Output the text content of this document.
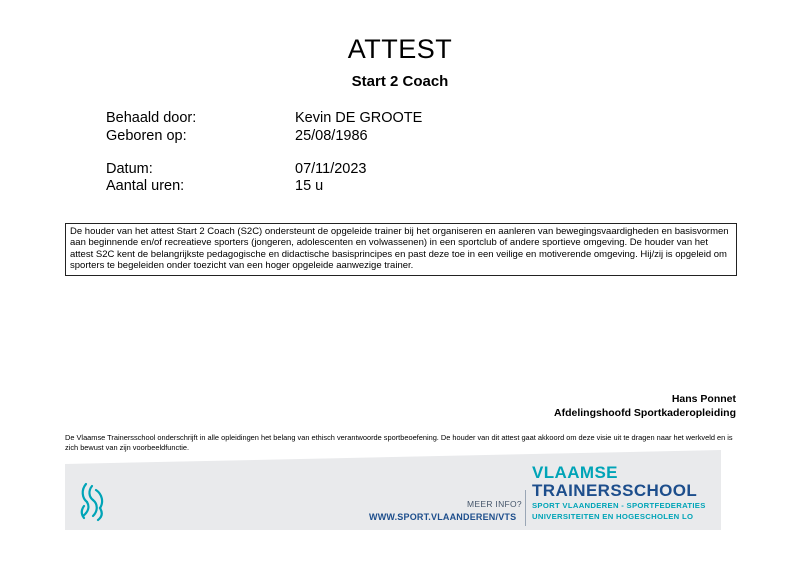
ATTEST
Start 2 Coach
Behaald door:	Kevin DE GROOTE
Geboren op:	25/08/1986
Datum:	07/11/2023
Aantal uren:	15 u
De houder van het attest Start 2 Coach (S2C) ondersteunt de opgeleide trainer bij het organiseren en aanleren van bewegingsvaardigheden en basisvormen aan beginnende en/of recreatieve sporters (jongeren, adolescenten en volwassenen) in een sportclub of andere sportieve omgeving. De houder van het attest S2C kent de belangrijkste pedagogische en didactische basisprincipes en past deze toe in een veilige en motiverende omgeving. Hij/zij is opgeleid om sporters te begeleiden onder toezicht van een hoger opgeleide aanwezige trainer.
Hans Ponnet
Afdelingshoofd Sportkaderopleiding
De Vlaamse Trainersschool onderschrijft in alle opleidingen het belang van ethisch verantwoorde sportbeoefening. De houder van dit attest gaat akkoord om deze visie uit te dragen naar het werkveld en is zich bewust van zijn voorbeeldfunctie.
MEER INFO?
WWW.SPORT.VLAANDEREN/VTS
VLAAMSE
TRAINERSSCHOOL
SPORT VLAANDEREN - SPORTFEDERATIES
UNIVERSITEITEN EN HOGESCHOLEN LO
